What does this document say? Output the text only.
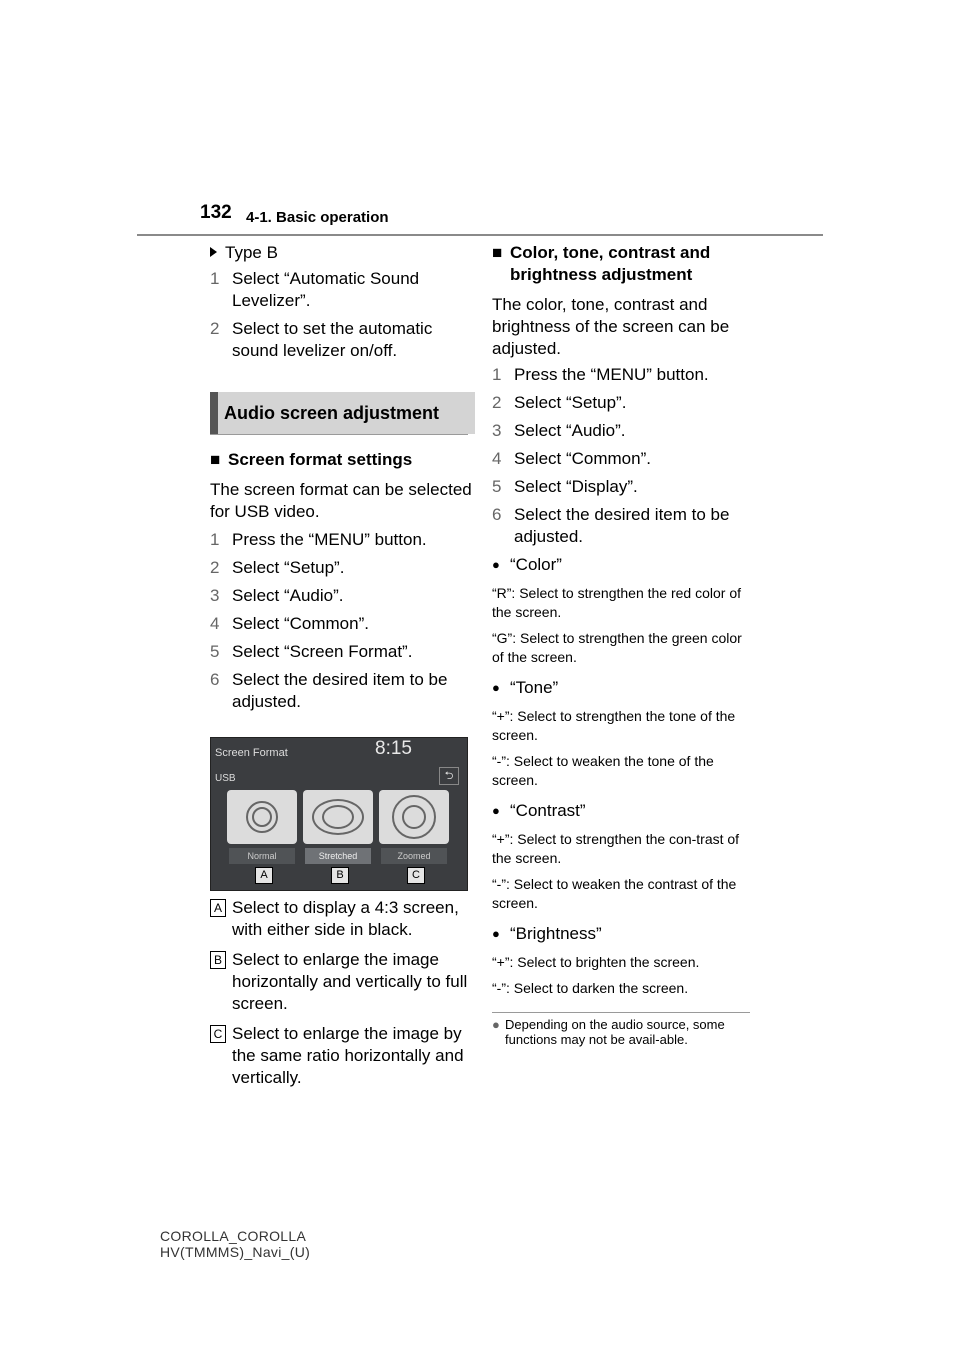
132 4-1. Basic operation
Type B
1 Select “Automatic Sound Levelizer”.
2 Select to set the automatic sound levelizer on/off.
Audio screen adjustment
■ Screen format settings
The screen format can be selected for USB video.
1 Press the “MENU” button.
2 Select “Setup”.
3 Select “Audio”.
4 Select “Common”.
5 Select “Screen Format”.
6 Select the desired item to be adjusted.
Screen Format	8:15
USB	⮌
Normal	Stretched	Zoomed
A	B	C
A Select to display a 4:3 screen, with either side in black.
B Select to enlarge the image horizontally and vertically to full screen.
C Select to enlarge the image by the same ratio horizontally and vertically.
■ Color, tone, contrast and brightness adjustment
The color, tone, contrast and brightness of the screen can be adjusted.
1 Press the “MENU” button.
2 Select “Setup”.
3 Select “Audio”.
4 Select “Common”.
5 Select “Display”.
6 Select the desired item to be adjusted.
● “Color”
“R”: Select to strengthen the red color of the screen.
“G”: Select to strengthen the green color of the screen.
● “Tone”
“+”: Select to strengthen the tone of the screen.
“-”: Select to weaken the tone of the screen.
● “Contrast”
“+”: Select to strengthen the con-trast of the screen.
“-”: Select to weaken the contrast of the screen.
● “Brightness”
“+”: Select to brighten the screen.
“-”: Select to darken the screen.
● Depending on the audio source, some functions may not be avail-able.
COROLLA_COROLLA
HV(TMMMS)_Navi_(U)
